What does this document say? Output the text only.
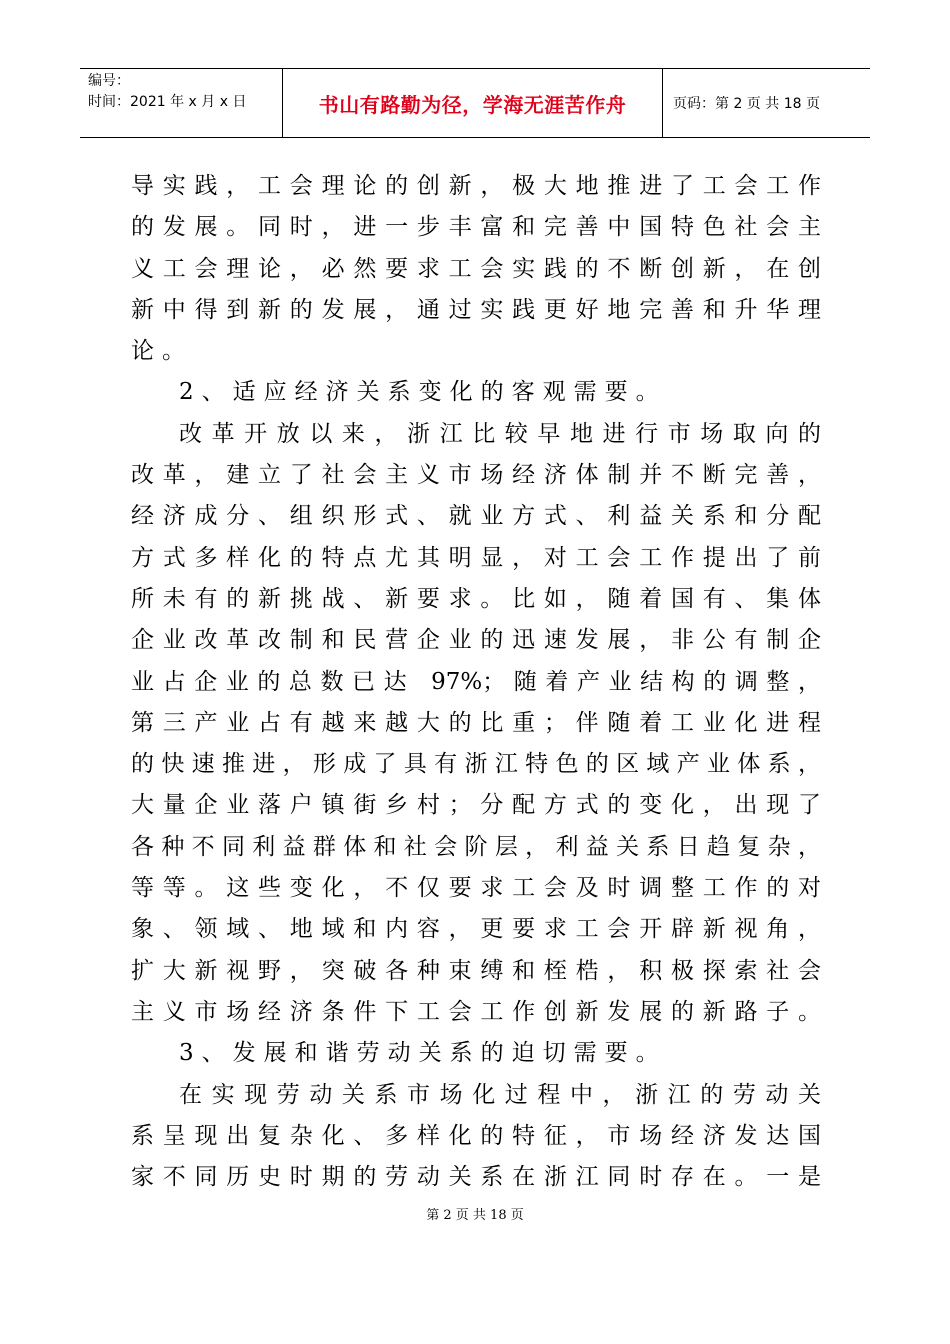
编号：
时间：2021 年 x 月 x 日	书山有路勤为径，学海无涯苦作舟	页码：第 2 页 共 18 页
导实践，工会理论的创新，极大地推进了工会工作
的发展。同时，进一步丰富和完善中国特色社会主
义工会理论，必然要求工会实践的不断创新，在创
新中得到新的发展，通过实践更好地完善和升华理
论。
2、适应经济关系变化的客观需要。
改革开放以来，浙江比较早地进行市场取向的
改革，建立了社会主义市场经济体制并不断完善，
经济成分、组织形式、就业方式、利益关系和分配
方式多样化的特点尤其明显，对工会工作提出了前
所未有的新挑战、新要求。比如，随着国有、集体
企业改革改制和民营企业的迅速发展，非公有制企
业占企业的总数已达 97%；随着产业结构的调整，
第三产业占有越来越大的比重；伴随着工业化进程
的快速推进，形成了具有浙江特色的区域产业体系，
大量企业落户镇街乡村；分配方式的变化，出现了
各种不同利益群体和社会阶层，利益关系日趋复杂，
等等。这些变化，不仅要求工会及时调整工作的对
象、领域、地域和内容，更要求工会开辟新视角，
扩大新视野，突破各种束缚和桎梏，积极探索社会
主义市场经济条件下工会工作创新发展的新路子。
3、发展和谐劳动关系的迫切需要。
在实现劳动关系市场化过程中，浙江的劳动关
系呈现出复杂化、多样化的特征，市场经济发达国
家不同历史时期的劳动关系在浙江同时存在。一是
第 2 页 共 18 页
